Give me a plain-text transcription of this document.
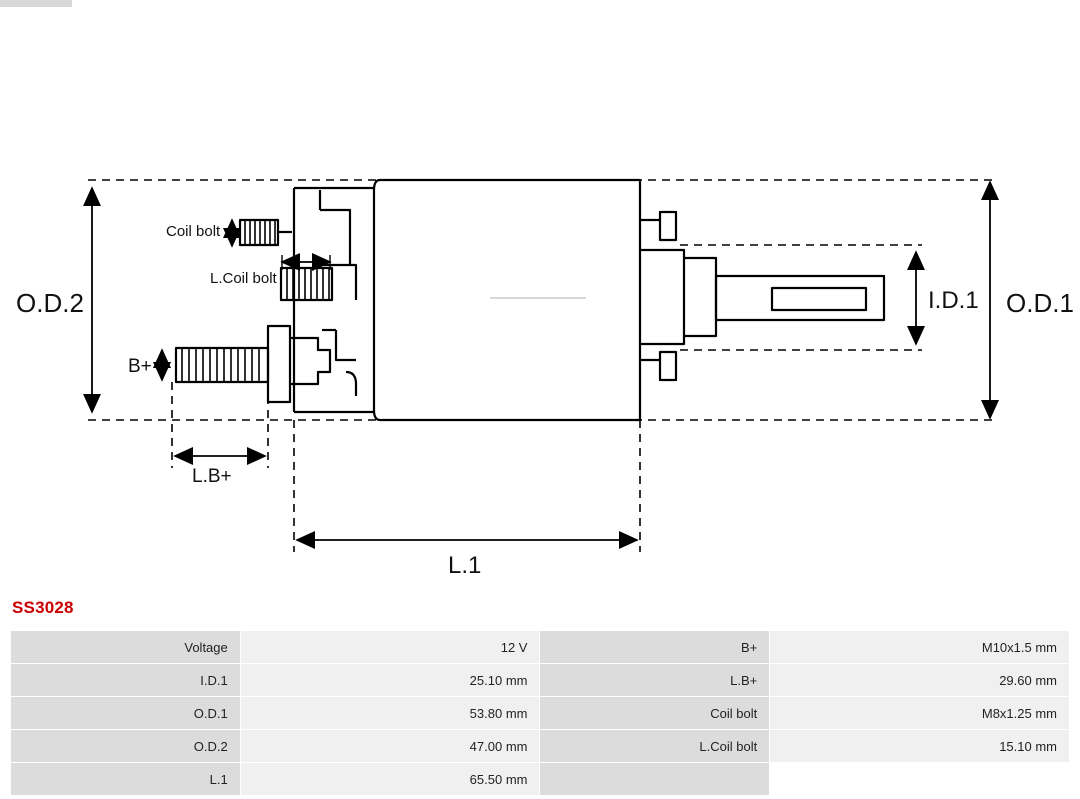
O.D.2	O.D.1
I.D.1
L.1
L.B+
B+
Coil bolt
L.Coil bolt
SS3028
Voltage	12 V	B+	M10x1.5 mm
I.D.1	25.10 mm	L.B+	29.60 mm
O.D.1	53.80 mm	Coil bolt	M8x1.25 mm
O.D.2	47.00 mm	L.Coil bolt	15.10 mm
L.1	65.50 mm		
